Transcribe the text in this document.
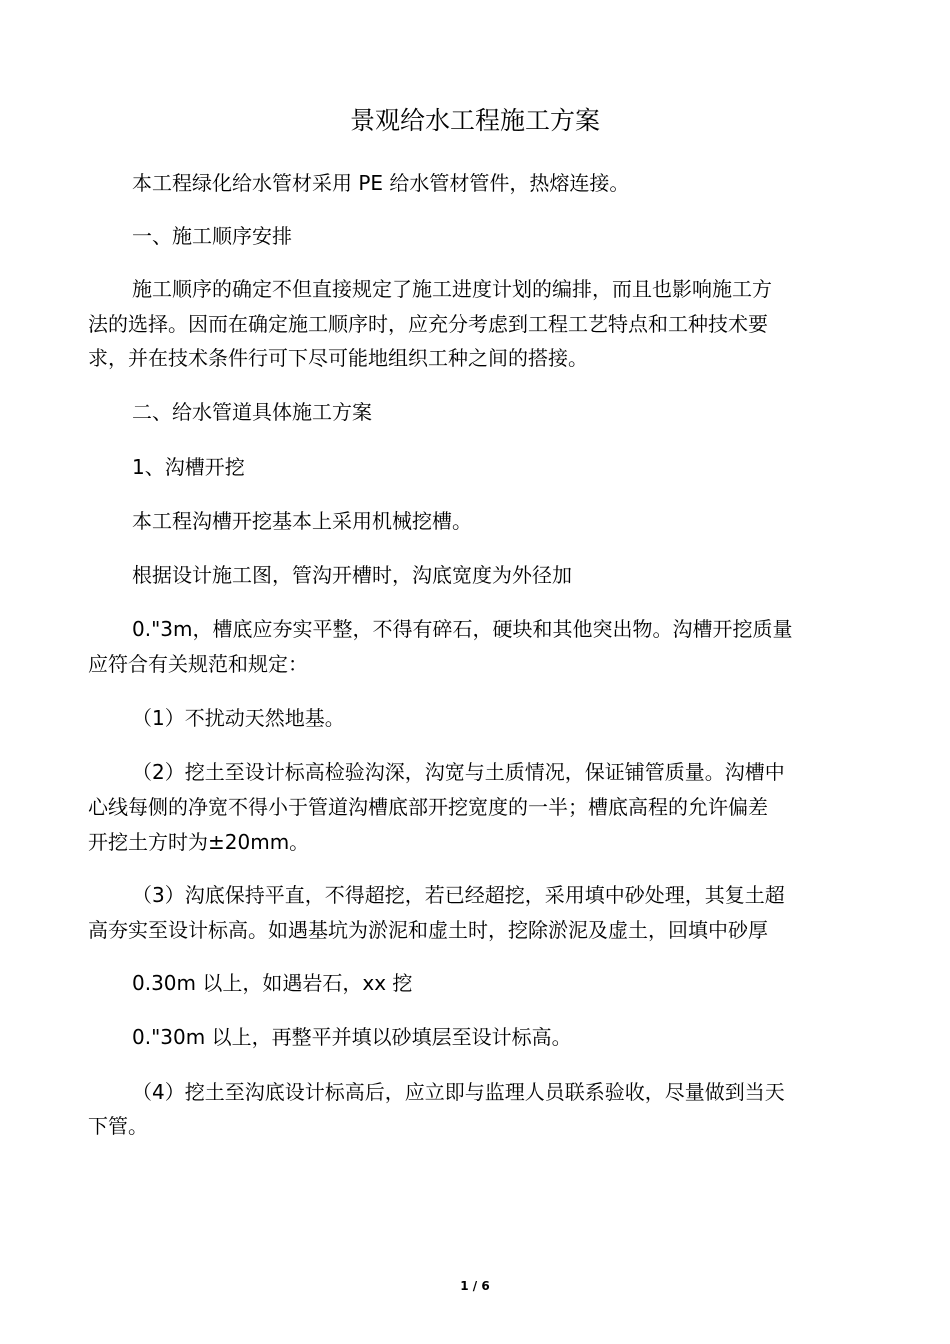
景观给水工程施工方案
本工程绿化给水管材采用 PE 给水管材管件，热熔连接。
一、施工顺序安排
施工顺序的确定不但直接规定了施工进度计划的编排，而且也影响施工方
法的选择。因而在确定施工顺序时，应充分考虑到工程工艺特点和工种技术要
求，并在技术条件行可下尽可能地组织工种之间的搭接。
二、给水管道具体施工方案
1、沟槽开挖
本工程沟槽开挖基本上采用机械挖槽。
根据设计施工图，管沟开槽时，沟底宽度为外径加
0."3m，槽底应夯实平整，不得有碎石，硬块和其他突出物。沟槽开挖质量
应符合有关规范和规定：
（1）不扰动天然地基。
（2）挖土至设计标高检验沟深，沟宽与土质情况，保证铺管质量。沟槽中
心线每侧的净宽不得小于管道沟槽底部开挖宽度的一半；槽底高程的允许偏差
开挖土方时为±20mm。
（3）沟底保持平直，不得超挖，若已经超挖，采用填中砂处理，其复土超
高夯实至设计标高。如遇基坑为淤泥和虚土时，挖除淤泥及虚土，回填中砂厚
0.30m 以上，如遇岩石，xx 挖
0."30m 以上，再整平并填以砂填层至设计标高。
（4）挖土至沟底设计标高后，应立即与监理人员联系验收，尽量做到当天
下管。
1 / 6
